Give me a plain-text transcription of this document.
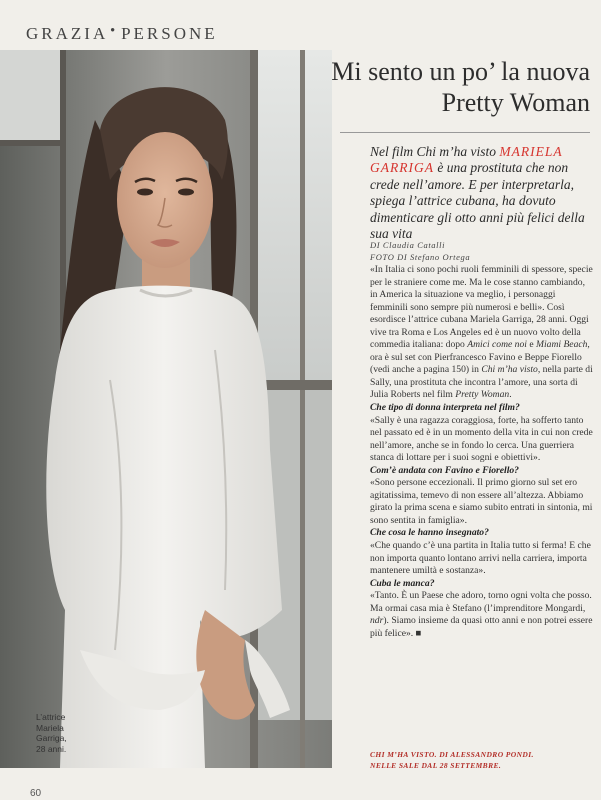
GRAZIA ● PERSONE
L’attrice
Mariela
Garriga,
28 anni.
Mi sento un po’ la nuova
Pretty Woman
Nel film Chi m’ha visto MARIELA
GARRIGA è una prostituta che non crede nell’amore. E per interpretarla, spiega l’attrice cubana, ha dovuto dimenticare gli otto anni più felici della sua vita
DI Claudia Catalli
FOTO DI Stefano Ortega

«In Italia ci sono pochi ruoli femminili di spessore, specie per le straniere come me. Ma le cose stanno cambiando, in America la situazione va meglio, i personaggi femminili sono sempre più numerosi e belli». Così esordisce l’attrice cubana Mariela Garriga, 28 anni. Oggi vive tra Roma e Los Angeles ed è un nuovo volto della commedia italiana: dopo Amici come noi e Miami Beach, ora è sul set con Pierfrancesco Favino e Beppe Fiorello (vedi anche a pagina 150) in Chi m’ha visto, nella parte di Sally, una prostituta che incontra l’amore, una sorta di Julia Roberts nel film Pretty Woman.

Che tipo di donna interpreta nel film?

«Sally è una ragazza coraggiosa, forte, ha sofferto tanto nel passato ed è in un momento della vita in cui non crede nell’amore, anche se in fondo lo cerca. Una guerriera stanca di lottare per i suoi sogni e obiettivi».

Com’è andata con Favino e Fiorello?

«Sono persone eccezionali. Il primo giorno sul set ero agitatissima, temevo di non essere all’altezza. Abbiamo girato la prima scena e siamo subito entrati in sintonia, mi sono sentita in famiglia».

Che cosa le hanno insegnato?

«Che quando c’è una partita in Italia tutto si ferma! E che non importa quanto lontano arrivi nella carriera, importa mantenere umiltà e sostanza».

Cuba le manca?

«Tanto. È un Paese che adoro, torno ogni volta che posso. Ma ormai casa mia è Stefano (l’imprenditore Mongardi, ndr). Siamo insieme da quasi otto anni e non potrei essere più felice». ■

CHI M’HA VISTO. DI ALESSANDRO PONDI.
NELLE SALE DAL 28 SETTEMBRE.
60
